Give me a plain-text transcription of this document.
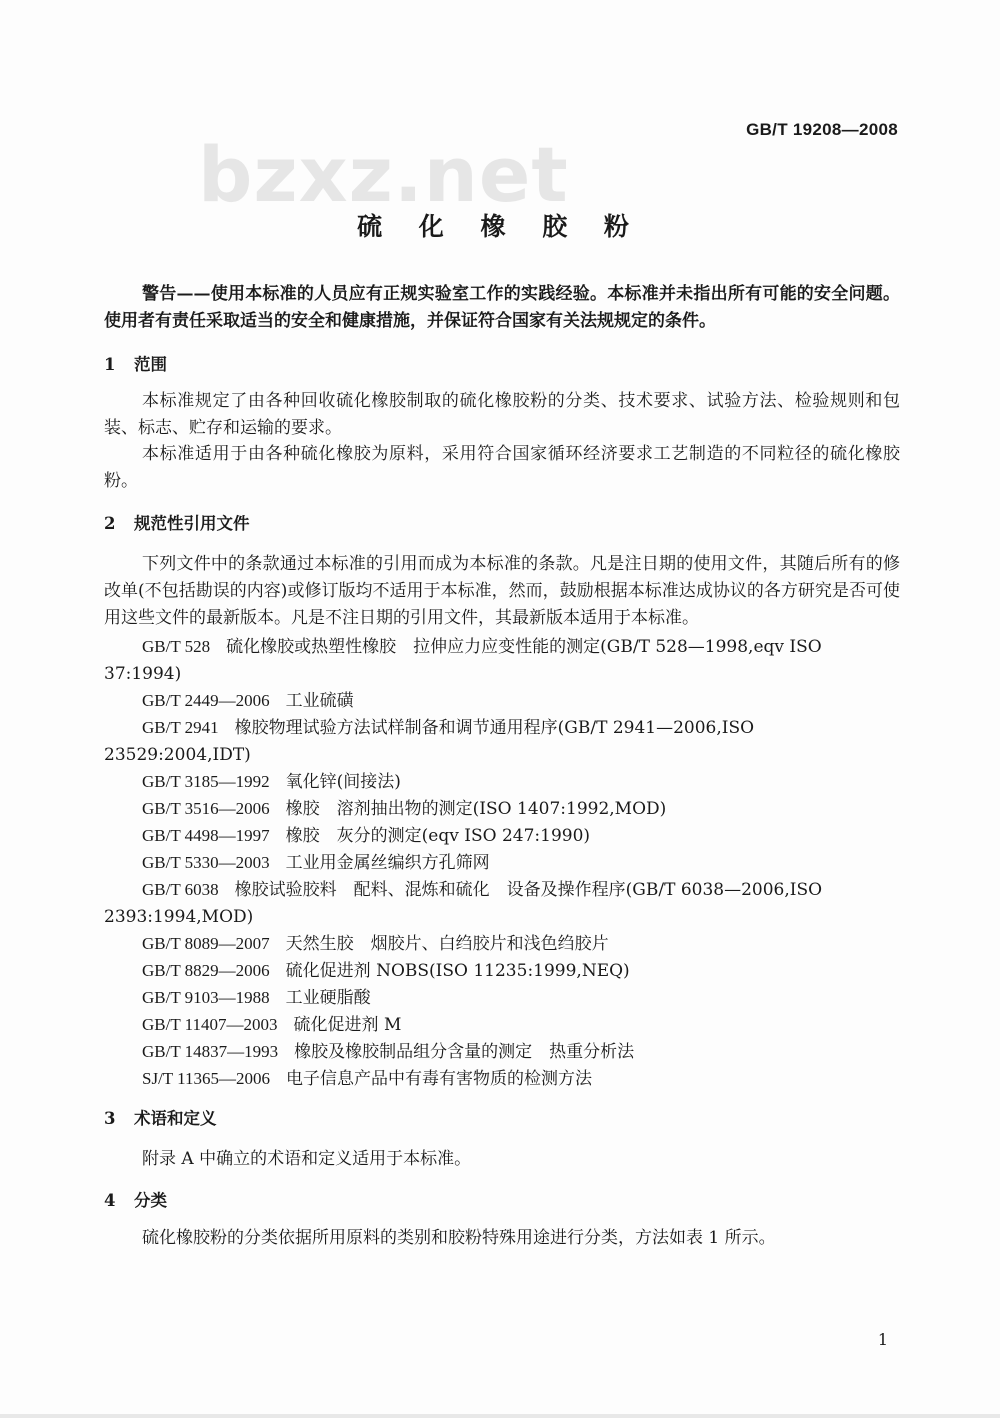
bzxz.net
GB/T 19208—2008
硫 化 橡 胶 粉
警告——使用本标准的人员应有正规实验室工作的实践经验。本标准并未指出所有可能的安全问题。使用者有责任采取适当的安全和健康措施，并保证符合国家有关法规规定的条件。
1 范围
本标准规定了由各种回收硫化橡胶制取的硫化橡胶粉的分类、技术要求、试验方法、检验规则和包装、标志、贮存和运输的要求。
本标准适用于由各种硫化橡胶为原料，采用符合国家循环经济要求工艺制造的不同粒径的硫化橡胶粉。
2 规范性引用文件
下列文件中的条款通过本标准的引用而成为本标准的条款。凡是注日期的使用文件，其随后所有的修改单(不包括勘误的内容)或修订版均不适用于本标准，然而，鼓励根据本标准达成协议的各方研究是否可使用这些文件的最新版本。凡是不注日期的引用文件，其最新版本适用于本标准。
GB/T 528 硫化橡胶或热塑性橡胶　拉伸应力应变性能的测定(GB/T 528—1998,eqv ISO 37:1994)
GB/T 2449—2006 工业硫磺
GB/T 2941 橡胶物理试验方法试样制备和调节通用程序(GB/T 2941—2006,ISO 23529:2004,IDT)
GB/T 3185—1992 氧化锌(间接法)
GB/T 3516—2006 橡胶　溶剂抽出物的测定(ISO 1407:1992,MOD)
GB/T 4498—1997 橡胶　灰分的测定(eqv ISO 247:1990)
GB/T 5330—2003 工业用金属丝编织方孔筛网
GB/T 6038 橡胶试验胶料　配料、混炼和硫化　设备及操作程序(GB/T 6038—2006,ISO 2393:1994,MOD)
GB/T 8089—2007 天然生胶　烟胶片、白绉胶片和浅色绉胶片
GB/T 8829—2006 硫化促进剂 NOBS(ISO 11235:1999,NEQ)
GB/T 9103—1988 工业硬脂酸
GB/T 11407—2003 硫化促进剂 M
GB/T 14837—1993 橡胶及橡胶制品组分含量的测定　热重分析法
SJ/T 11365—2006 电子信息产品中有毒有害物质的检测方法
3 术语和定义
附录 A 中确立的术语和定义适用于本标准。
4 分类
硫化橡胶粉的分类依据所用原料的类别和胶粉特殊用途进行分类，方法如表 1 所示。
1
